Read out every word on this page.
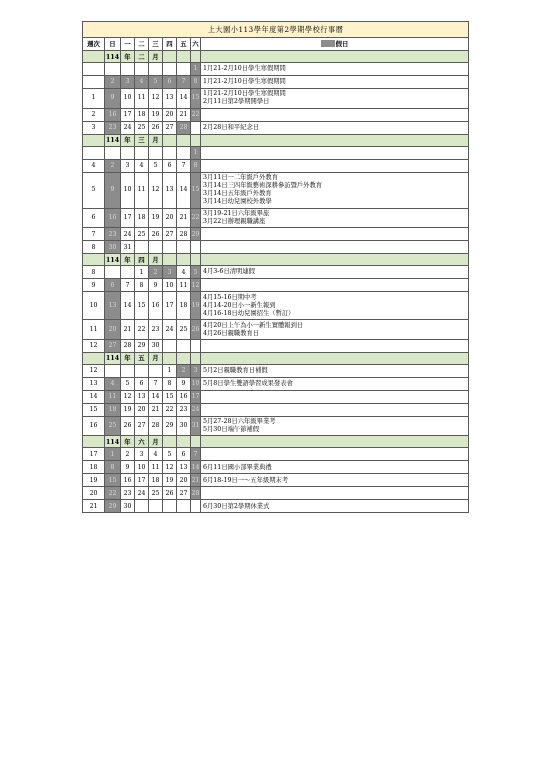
上大園小113學年度第2學期學校行事曆								
週次	日	一	二	三	四	五	六	假日
	114	年	二	月				
							1	1月21-2月10日學生寒假期間

	2	3	4	5	6	7	8	1月21-2月10日學生寒假期間

1	9	10	11	12	13	14	15	1月21-2月10日學生寒假期間
2月11日第2學期開學日

2	16	17	18	19	20	21	22	
3	23	24	25	26	27	28		2月28日和平紀念日

	114	年	三	月				
							1	
4	2	3	4	5	6	7	8	
5	9	10	11	12	13	14	15	3月11日一二年級戶外教育
3月14日三四年級藝術深耕參訪暨戶外教育
3月14日五年級戶外教育
3月14日幼兒園校外教學

6	16	17	18	19	20	21	22	3月19-21日六年級畢旅
3月22日辦理親職講座

7	23	24	25	26	27	28	29	
8	30	31						
	114	年	四	月				
8			1	2	3	4	5	4月3-6日清明連假

9	6	7	8	9	10	11	12	
10	13	14	15	16	17	18	19	4月15-16日期中考
4月14-20日小一新生報到
4月16-18日幼兒園招生（暫訂）

11	20	21	22	23	24	25	26	4月20日上午為小一新生實體報到日
4月26日親職教育日

12	27	28	29	30				
	114	年	五	月				
12					1	2	3	5月2日親職教育日補假

13	4	5	6	7	8	9	10	5月8日學生雙語學習成果發表會

14	11	12	13	14	15	16	17	
15	18	19	20	21	22	23	24	
16	25	26	27	28	29	30	31	5月27-28日六年級畢業考
5月30日端午節補假

	114	年	六	月				
17	1	2	3	4	5	6	7	
18	8	9	10	11	12	13	14	6月11日國小部畢業典禮

19	15	16	17	18	19	20	21	6月18-19日一～五年級期末考

20	22	23	24	25	26	27	28	
21	29	30						6月30日第2學期休業式
